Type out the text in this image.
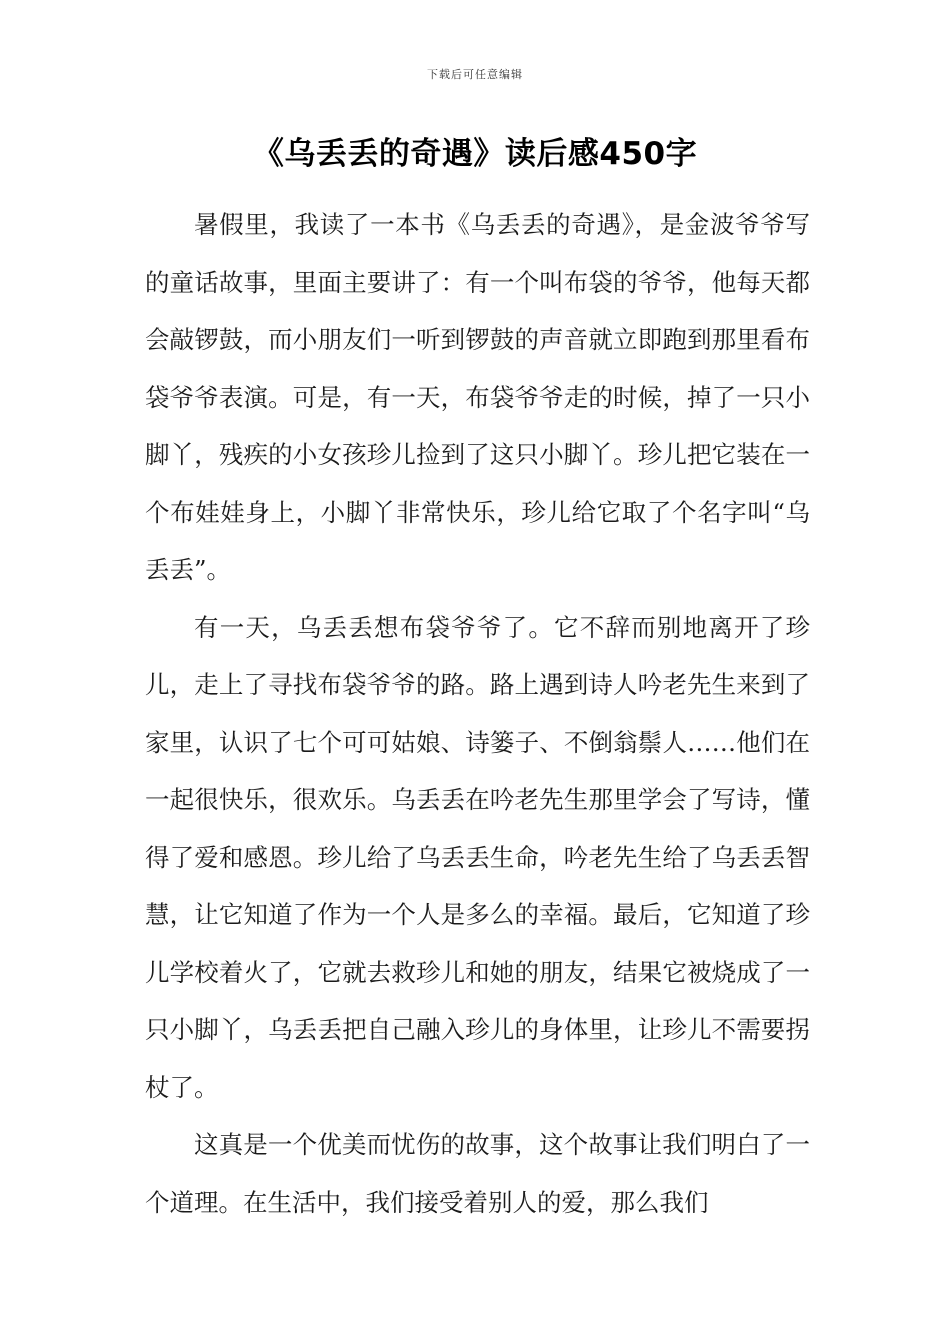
下载后可任意编辑
《乌丢丢的奇遇》读后感450字

暑假里，我读了一本书《乌丢丢的奇遇》，是金波爷爷写的童话故事，里面主要讲了：有一个叫布袋的爷爷，他每天都会敲锣鼓，而小朋友们一听到锣鼓的声音就立即跑到那里看布袋爷爷表演。可是，有一天，布袋爷爷走的时候，掉了一只小脚丫，残疾的小女孩珍儿捡到了这只小脚丫。珍儿把它装在一个布娃娃身上，小脚丫非常快乐，珍儿给它取了个名字叫“乌丢丢”。

有一天，乌丢丢想布袋爷爷了。它不辞而别地离开了珍儿，走上了寻找布袋爷爷的路。路上遇到诗人吟老先生来到了家里，认识了七个可可姑娘、诗篓子、不倒翁鬃人……他们在一起很快乐，很欢乐。乌丢丢在吟老先生那里学会了写诗，懂得了爱和感恩。珍儿给了乌丢丢生命，吟老先生给了乌丢丢智慧，让它知道了作为一个人是多么的幸福。最后，它知道了珍儿学校着火了，它就去救珍儿和她的朋友，结果它被烧成了一只小脚丫，乌丢丢把自己融入珍儿的身体里，让珍儿不需要拐杖了。

这真是一个优美而忧伤的故事，这个故事让我们明白了一个道理。在生活中，我们接受着别人的爱，那么我们
